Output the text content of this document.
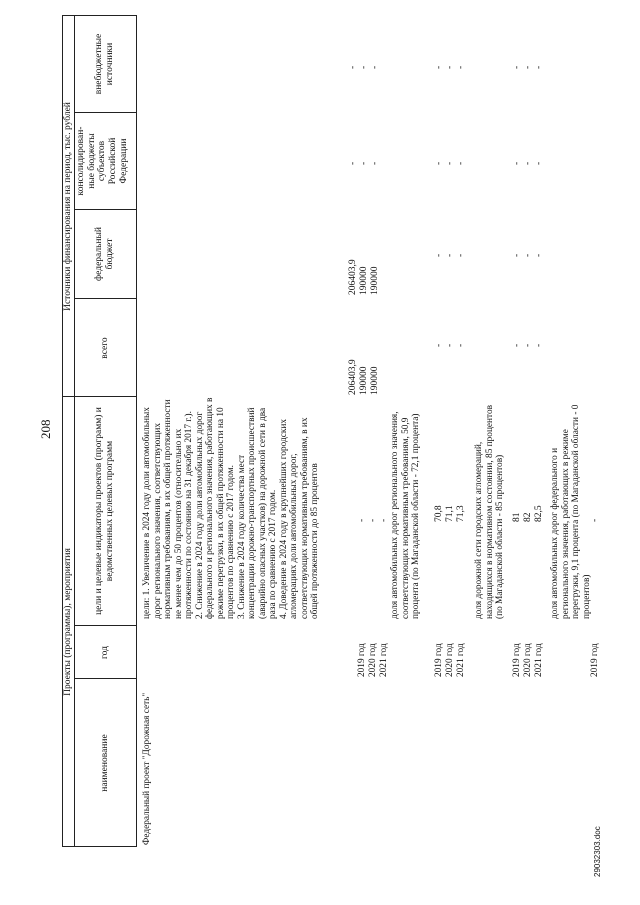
208
Проекты (программы), мероприятия
Источники финансирования на период, тыс. рублей
наименование
год
цели и целевые индикаторы проектов (программ) и ведомственных целевых программ
всего
федеральный бюджет
консолидирован-ные бюджеты субъектов Российской Федерации
внебюджетные источники
Федеральный проект "Дорожная сеть"
цели: 1. Увеличение в 2024 году доли автомобильных дорог регионального значения, соответствующих нормативным требованиям, в их общей протяженности не менее чем до 50 процентов (относительно их протяженности по состоянию на 31 декабря 2017 г.).
2. Снижение в 2024 году доли автомобильных дорог федерального и регионального значения, работающих в режиме перегрузки, в их общей протяженности на 10 процентов по сравнению с 2017 годом.
3. Снижение в 2024 году количества мест концентрации дорожно-транспортных происшествий (аварийно опасных участков) на дорожной сети в два раза по сравнению с 2017 годом.
4. Доведение в 2024 году в крупнейших городских агломерациях доли автомобильных дорог, соответствующих нормативным требованиям, в их общей протяженности до 85 процентов
2019 год
-
206403,9
206403,9
-
-
2020 год
-
190000
190000
-
-
2021 год
-
190000
190000
-
-
доля автомобильных дорог регионального значения, соответствующих нормативным требованиям, 50,9 процента (по Магаданской области - 72,1 процента)
2019 год
70,8
-
-
-
-
2020 год
71,1
-
-
-
-
2021 год
71,3
-
-
-
-
доля дорожной сети городских агломераций, находящихся в нормативном состоянии, 85 процентов (по Магаданской области - 85 процентов)
2019 год
81
-
-
-
-
2020 год
82
-
-
-
-
2021 год
82,5
-
-
-
-
доля автомобильных дорог федерального и регионального значения, работающих в режиме перегрузки, 9,1 процента (по Магаданской области - 0 процентов)
2019 год
-
29032303.doc
